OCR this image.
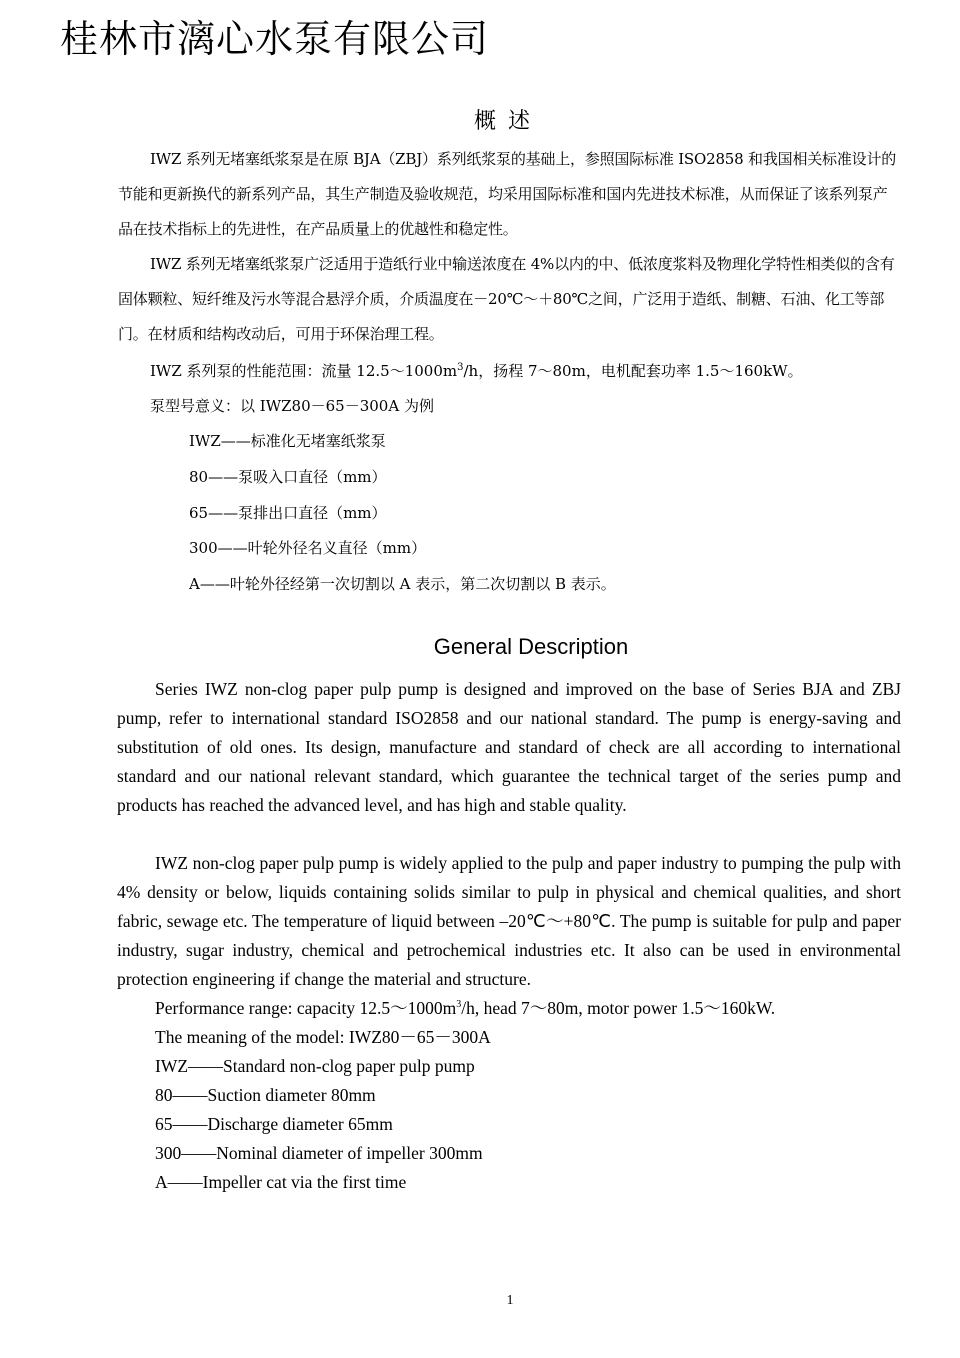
桂林市漓心水泵有限公司
概述

IWZ 系列无堵塞纸浆泵是在原 BJA（ZBJ）系列纸浆泵的基础上，参照国际标准 ISO2858 和我国相关标准设计的节能和更新换代的新系列产品，其生产制造及验收规范，均采用国际标准和国内先进技术标准，从而保证了该系列泵产品在技术指标上的先进性，在产品质量上的优越性和稳定性。

IWZ 系列无堵塞纸浆泵广泛适用于造纸行业中输送浓度在 4%以内的中、低浓度浆料及物理化学特性相类似的含有固体颗粒、短纤维及污水等混合悬浮介质，介质温度在－20℃～＋80℃之间，广泛用于造纸、制糖、石油、化工等部门。在材质和结构改动后，可用于环保治理工程。

IWZ 系列泵的性能范围：流量 $12.5\sim 1000m^3/h$，扬程 7～80m，电机配套功率 1.5～160kW。

泵型号意义：以 IWZ80－65－300A 为例

IWZ——标准化无堵塞纸浆泵

80——泵吸入口直径（mm）

65——泵排出口直径（mm）

300——叶轮外径名义直径（mm）

A——叶轮外径经第一次切割以 A 表示，第二次切割以 B 表示。

General Description

Series IWZ non-clog paper pulp pump is designed and improved on the base of Series BJA and ZBJ pump, refer to international standard ISO2858 and our national standard. The pump is energy-saving and substitution of old ones. Its design, manufacture and standard of check are all according to international standard and our national relevant standard, which guarantee the technical target of the series pump and products has reached the advanced level, and has high and stable quality.

IWZ non-clog paper pulp pump is widely applied to the pulp and paper industry to pumping the pulp with 4% density or below, liquids containing solids similar to pulp in physical and chemical qualities, and short fabric, sewage etc. The temperature of liquid between –20℃～+80℃. The pump is suitable for pulp and paper industry, sugar industry, chemical and petrochemical industries etc. It also can be used in environmental protection engineering if change the material and structure.

Performance range: capacity $12.5\sim 1000m^3/h$, head 7～80m, motor power 1.5～160kW.

The meaning of the model: IWZ80－65－300A

IWZ——Standard non-clog paper pulp pump

80——Suction diameter 80mm

65——Discharge diameter 65mm

300——Nominal diameter of impeller 300mm

A——Impeller cat via the first time

1
